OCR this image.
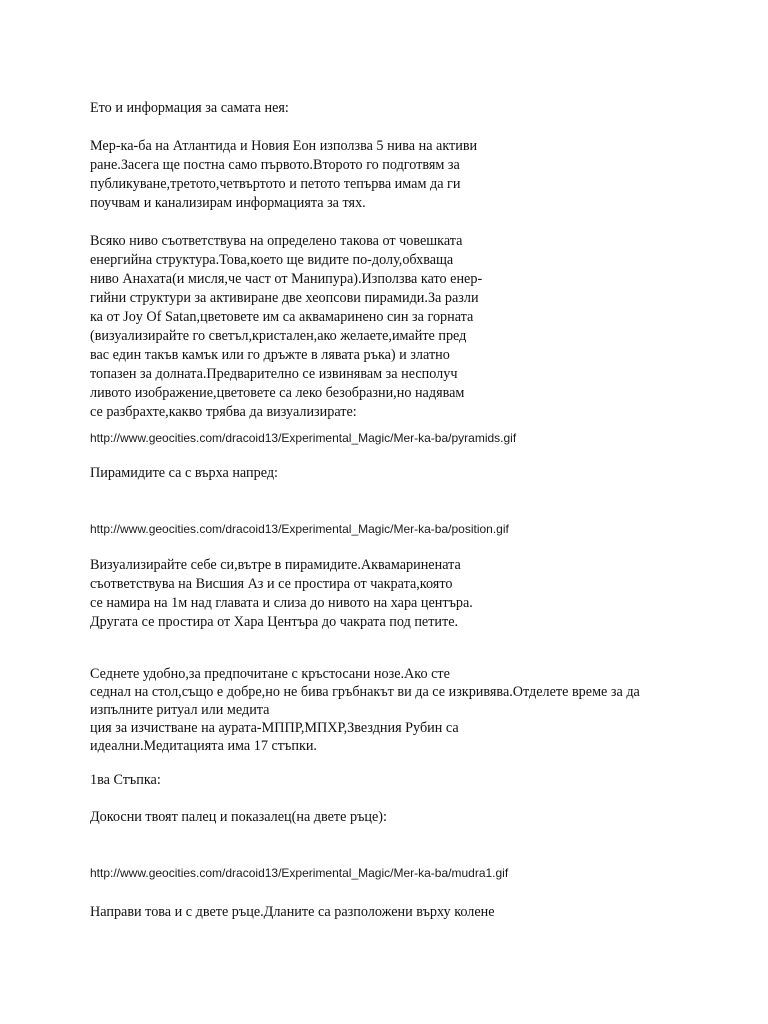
Ето и информация за самата нея:

Мер-ка-ба на Атлантида и Новия Еон използва 5 нива на активи

ране.Засега ще постна само първото.Второто го подготвям за

публикуване,третото,четвъртото и петото тепърва имам да ги

поучвам и канализирам информацията за тях.

Всяко ниво съответствува на определено такова от човешката

енергийна структура.Това,което ще видите по-долу,обхваща

ниво Анахата(и мисля,че част от Манипура).Използва като енер-

гийни структури за активиране две хеопсови пирамиди.За разли

ка от Joy Of Satan,цветовете им са аквамаринено син за горната

(визуализирайте го светъл,кристален,ако желаете,имайте пред

вас един такъв камък или го дръжте в лявата ръка) и златно

топазен за долната.Предварително се извинявам за несполуч

ливото изображение,цветовете са леко безобразни,но надявам

се разбрахте,какво трябва да визуализирате:

http://www.geocities.com/dracoid13/Experimental_Magic/Mer-ka-ba/pyramids.gif

Пирамидите са с върха напред:

http://www.geocities.com/dracoid13/Experimental_Magic/Mer-ka-ba/position.gif

Визуализирайте себе си,вътре в пирамидите.Аквамаринената

съответствува на Висшия Аз и се простира от чакрата,която

се намира на 1м над главата и слиза до нивото на хара центъра.

Другата се простира от Хара Центъра до чакрата под петите.

Седнете удобно,за предпочитане с кръстосани нозе.Ако сте

седнал на стол,също е добре,но не бива гръбнакът ви да се изкривява.Отделете време за да

изпълните ритуал или медита

ция за изчистване на аурата-МППР,МПХР,Звездния Рубин са

идеални.Медитацията има 17 стъпки.

1ва Стъпка:

Докосни твоят палец и показалец(на двете ръце):

http://www.geocities.com/dracoid13/Experimental_Magic/Mer-ka-ba/mudra1.gif

Направи това и с двете ръце.Дланите са разположени върху колене
